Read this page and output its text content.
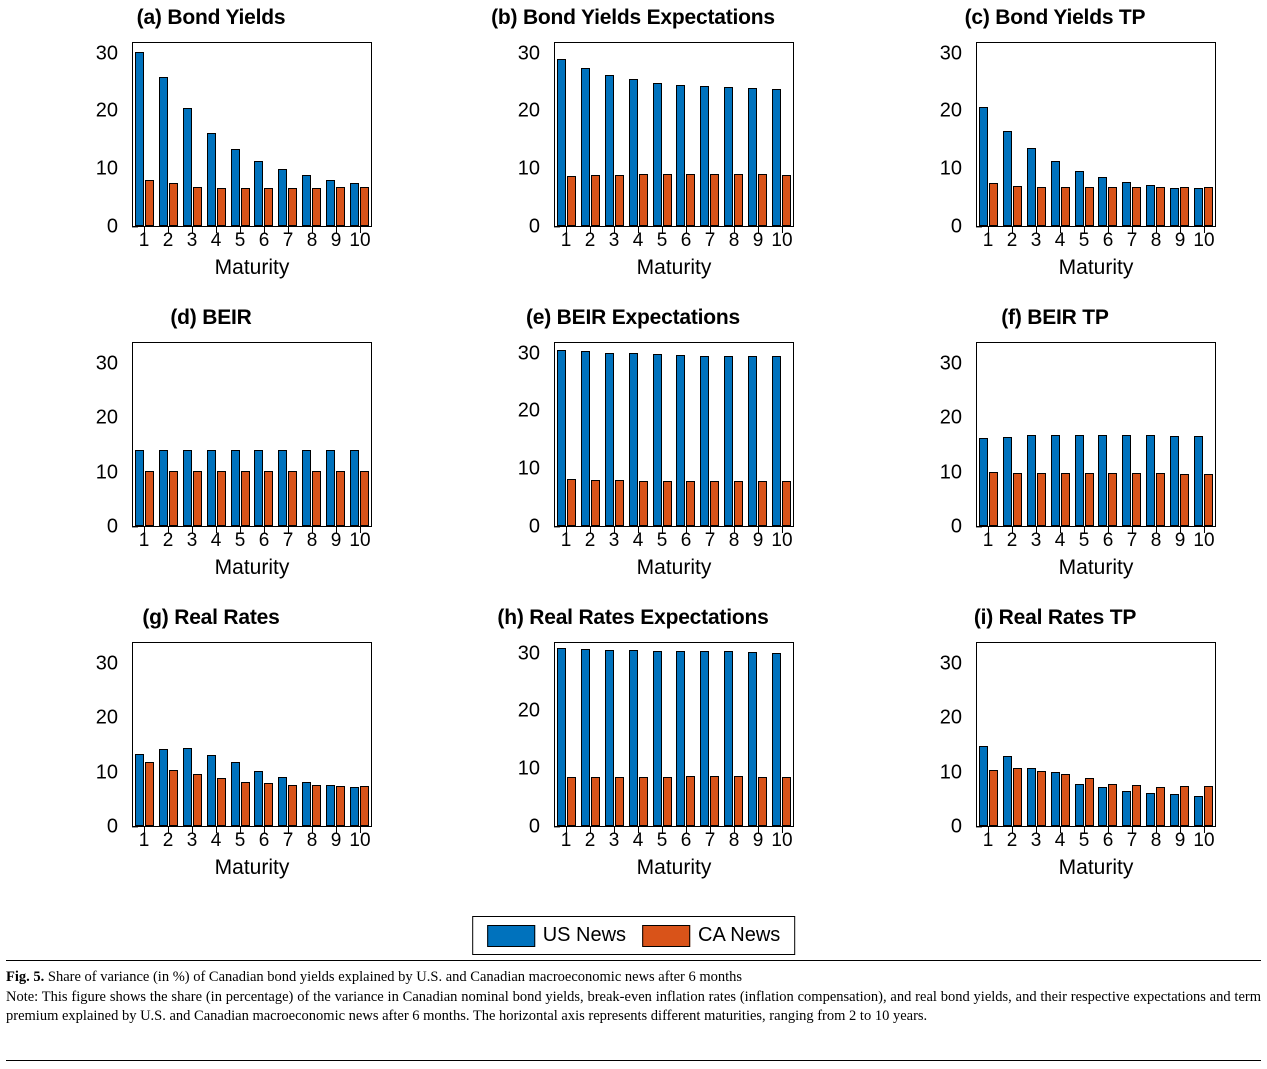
(a) Bond Yields
0
10
20
30
1 2 3 4 5 6 7 8 9 10
Maturity
(b) Bond Yields Expectations
0
10
20
30
1 2 3 4 5 6 7 8 9 10
Maturity
(c) Bond Yields TP
0
10
20
30
1 2 3 4 5 6 7 8 9 10
Maturity
(d) BEIR
0
10
20
30
1 2 3 4 5 6 7 8 9 10
Maturity
(e) BEIR Expectations
0
10
20
30
1 2 3 4 5 6 7 8 9 10
Maturity
(f) BEIR TP
0
10
20
30
1 2 3 4 5 6 7 8 9 10
Maturity
(g) Real Rates
0
10
20
30
1 2 3 4 5 6 7 8 9 10
Maturity
(h) Real Rates Expectations
0
10
20
30
1 2 3 4 5 6 7 8 9 10
Maturity
(i) Real Rates TP
0
10
20
30
1 2 3 4 5 6 7 8 9 10
Maturity
US News	CA News

Fig. 5. Share of variance (in %) of Canadian bond yields explained by U.S. and Canadian macroeconomic news after 6 months

Note: This figure shows the share (in percentage) of the variance in Canadian nominal bond yields, break-even inflation rates (inflation compensation), and real bond yields, and their respective expectations and term premium explained by U.S. and Canadian macroeconomic news after 6 months. The horizontal axis represents different maturities, ranging from 2 to 10 years.
